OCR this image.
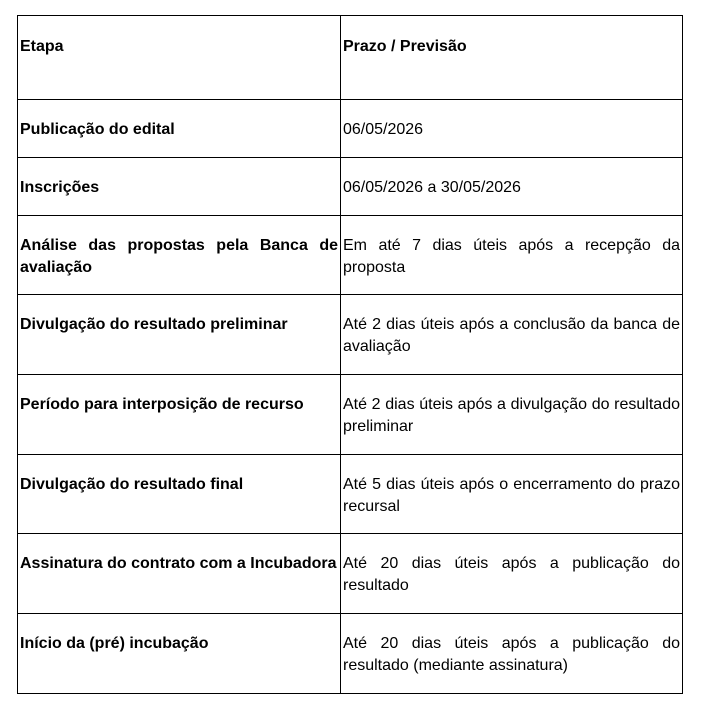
Etapa	Prazo / Previsão

Publicação do edital	06/05/2026

Inscrições	06/05/2026 a 30/05/2026

Análise das propostas pela Banca de avaliação	Em até 7 dias úteis após a recepção da proposta

Divulgação do resultado preliminar	Até 2 dias úteis após a conclusão da banca de avaliação

Período para interposição de recurso	Até 2 dias úteis após a divulgação do resultado preliminar

Divulgação do resultado final	Até 5 dias úteis após o encerramento do prazo recursal

Assinatura do contrato com a Incubadora	Até 20 dias úteis após a publicação do resultado

Início da (pré) incubação	Até 20 dias úteis após a publicação do resultado (mediante assinatura)
